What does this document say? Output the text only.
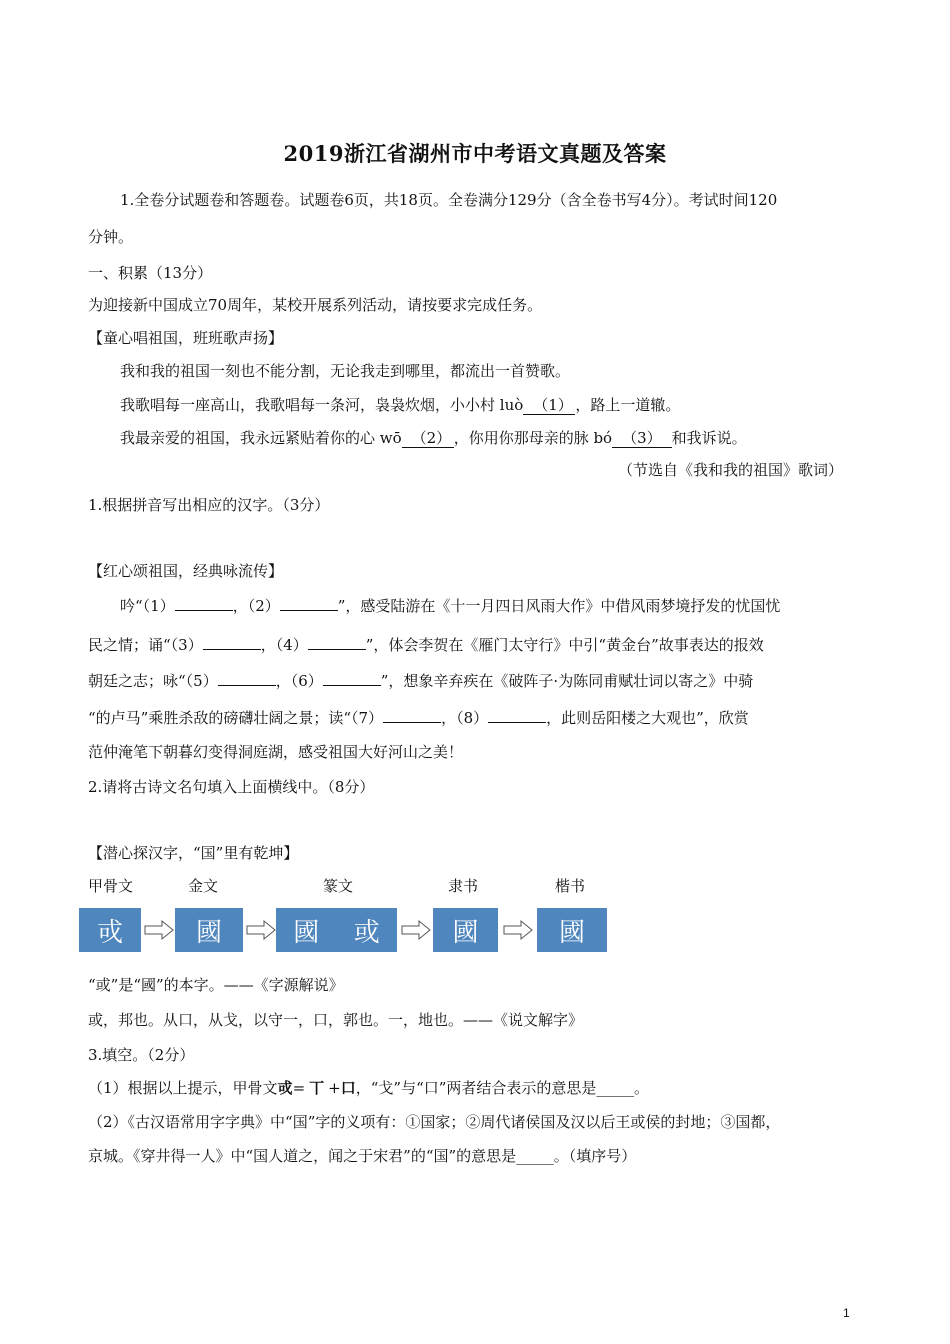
2019浙江省湖州市中考语文真题及答案
1.全卷分试题卷和答题卷。试题卷6页，共18页。全卷满分129分（含全卷书写4分）。考试时间120
分钟。
一、积累（13分）
为迎接新中国成立70周年，某校开展系列活动，请按要求完成任务。
【童心唱祖国，班班歌声扬】
我和我的祖国一刻也不能分割，无论我走到哪里，都流出一首赞歌。
我歌唱每一座高山，我歌唱每一条河，袅袅炊烟，小小村 luò （1） ，路上一道辙。
我最亲爱的祖国，我永远紧贴着你的心 wō （2） ，你用你那母亲的脉 bó （3） 和我诉说。
（节选自《我和我的祖国》歌词）
1.根据拼音写出相应的汉字。（3分）
【红心颂祖国，经典咏流传】
吟“（1）	，（2）	”，感受陆游在《十一月四日风雨大作》中借风雨梦境抒发的忧国忧
民之情；诵“（3）	，（4）	”，体会李贺在《雁门太守行》中引“黄金台”故事表达的报效
朝廷之志；咏“（5）	，（6）	”，想象辛弃疾在《破阵子·为陈同甫赋壮词以寄之》中骑
“的卢马”乘胜杀敌的磅礴壮阔之景；读“（7）	，（8）	，此则岳阳楼之大观也”，欣赏
范仲淹笔下朝暮幻变得洞庭湖，感受祖国大好河山之美！
2.请将古诗文名句填入上面横线中。（8分）
【潜心探汉字，“国”里有乾坤】
甲骨文	金文	篆文	隶书	楷书
戓	國	國 或	國	國
“或”是“國”的本字。——《字源解说》
或，邦也。从口，从戈，以守一，口，郭也。一，地也。——《说文解字》
3.填空。（2分）
（1）根据以上提示，甲骨文戓= 丅 +口，“戈”与“口”两者结合表示的意思是_____。
（2）《古汉语常用字字典》中“国”字的义项有：①国家；②周代诸侯国及汉以后王或侯的封地；③国都，
京城。《穿井得一人》中“国人道之，闻之于宋君”的“国”的意思是_____。（填序号）
1
